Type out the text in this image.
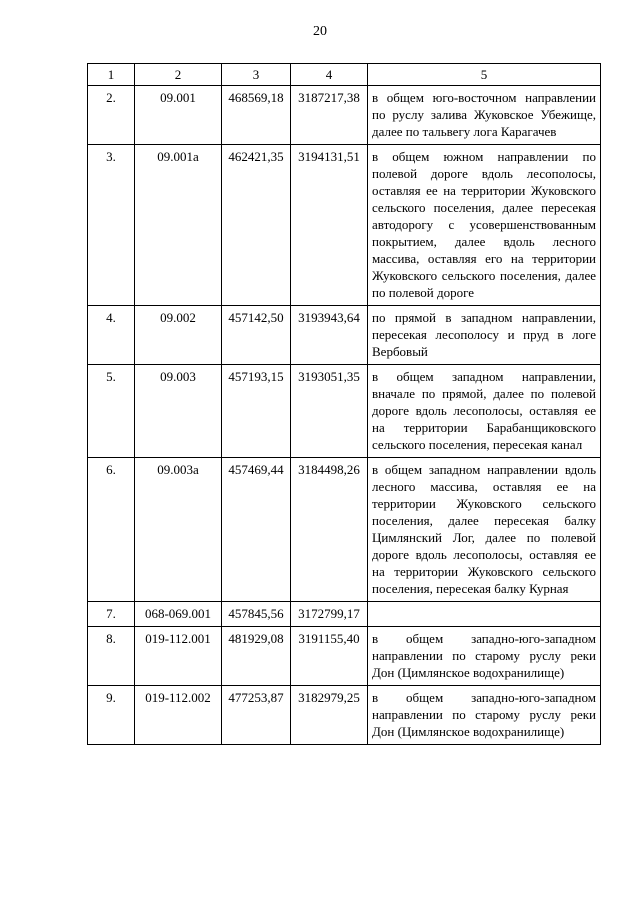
20
1	2	3	4	5
2.	09.001	468569,18	3187217,38	в общем юго-восточном направлении по руслу залива Жуковское Убежище, далее по тальвегу лога Карагачев
3.	09.001а	462421,35	3194131,51	в общем южном направлении по полевой дороге вдоль лесополосы, оставляя ее на территории Жуковского сельского поселения, далее пересекая автодорогу с усовершенствованным покрытием, далее вдоль лесного массива, оставляя его на территории Жуковского сельского поселения, далее по полевой дороге
4.	09.002	457142,50	3193943,64	по прямой в западном направлении, пересекая лесополосу и пруд в логе Вербовый
5.	09.003	457193,15	3193051,35	в общем западном направлении, вначале по прямой, далее по полевой дороге вдоль лесополосы, оставляя ее на территории Барабанщиковского сельского поселения, пересекая канал
6.	09.003а	457469,44	3184498,26	в общем западном направлении вдоль лесного массива, оставляя ее на территории Жуковского сельского поселения, далее пересекая балку Цимлянский Лог, далее по полевой дороге вдоль лесополосы, оставляя ее на территории Жуковского сельского поселения, пересекая балку Курная
7.	068-069.001	457845,56	3172799,17	
8.	019-112.001	481929,08	3191155,40	в общем западно-юго-западном направлении по старому руслу реки Дон (Цимлянское водохранилище)
9.	019-112.002	477253,87	3182979,25	в общем западно-юго-западном направлении по старому руслу реки Дон (Цимлянское водохранилище)
